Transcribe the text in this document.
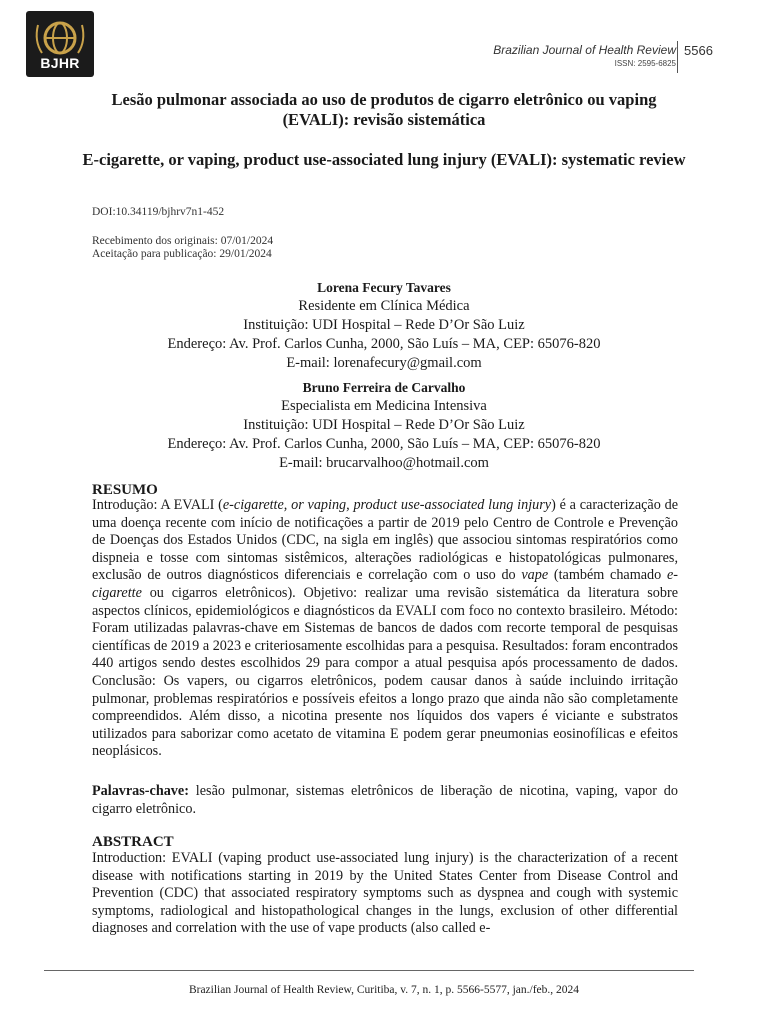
BJHR
Brazilian Journal of Health Review
ISSN: 2595-6825
5566
Lesão pulmonar associada ao uso de produtos de cigarro eletrônico ou vaping (EVALI): revisão sistemática
E-cigarette, or vaping, product use-associated lung injury (EVALI): systematic review
DOI:10.34119/bjhrv7n1-452
Recebimento dos originais: 07/01/2024
Aceitação para publicação: 29/01/2024
Lorena Fecury Tavares
Residente em Clínica Médica
Instituição: UDI Hospital – Rede D’Or São Luiz
Endereço: Av. Prof. Carlos Cunha, 2000, São Luís – MA, CEP: 65076-820
E-mail: lorenafecury@gmail.com
Bruno Ferreira de Carvalho
Especialista em Medicina Intensiva
Instituição: UDI Hospital – Rede D’Or São Luiz
Endereço: Av. Prof. Carlos Cunha, 2000, São Luís – MA, CEP: 65076-820
E-mail: brucarvalhoo@hotmail.com
RESUMO

Introdução: A EVALI (e-cigarette, or vaping, product use-associated lung injury) é a caracterização de uma doença recente com início de notificações a partir de 2019 pelo Centro de Controle e Prevenção de Doenças dos Estados Unidos (CDC, na sigla em inglês) que associou sintomas respiratórios como dispneia e tosse com sintomas sistêmicos, alterações radiológicas e histopatológicas pulmonares, exclusão de outros diagnósticos diferenciais e correlação com o uso do vape (também chamado e-cigarette ou cigarros eletrônicos). Objetivo: realizar uma revisão sistemática da literatura sobre aspectos clínicos, epidemiológicos e diagnósticos da EVALI com foco no contexto brasileiro. Método: Foram utilizadas palavras-chave em Sistemas de bancos de dados com recorte temporal de pesquisas científicas de 2019 a 2023 e criteriosamente escolhidas para a pesquisa. Resultados: foram encontrados 440 artigos sendo destes escolhidos 29 para compor a atual pesquisa após processamento de dados. Conclusão: Os vapers, ou cigarros eletrônicos, podem causar danos à saúde incluindo irritação pulmonar, problemas respiratórios e possíveis efeitos a longo prazo que ainda não são completamente compreendidos. Além disso, a nicotina presente nos líquidos dos vapers é viciante e substratos utilizados para saborizar como acetato de vitamina E podem gerar pneumonias eosinofílicas e efeitos neoplásicos.

Palavras-chave: lesão pulmonar, sistemas eletrônicos de liberação de nicotina, vaping, vapor do cigarro eletrônico.

ABSTRACT

Introduction: EVALI (vaping product use-associated lung injury) is the characterization of a recent disease with notifications starting in 2019 by the United States Center from Disease Control and Prevention (CDC) that associated respiratory symptoms such as dyspnea and cough with systemic symptoms, radiological and histopathological changes in the lungs, exclusion of other differential diagnoses and correlation with the use of vape products (also called e-

Brazilian Journal of Health Review, Curitiba, v. 7, n. 1, p. 5566-5577, jan./feb., 2024
